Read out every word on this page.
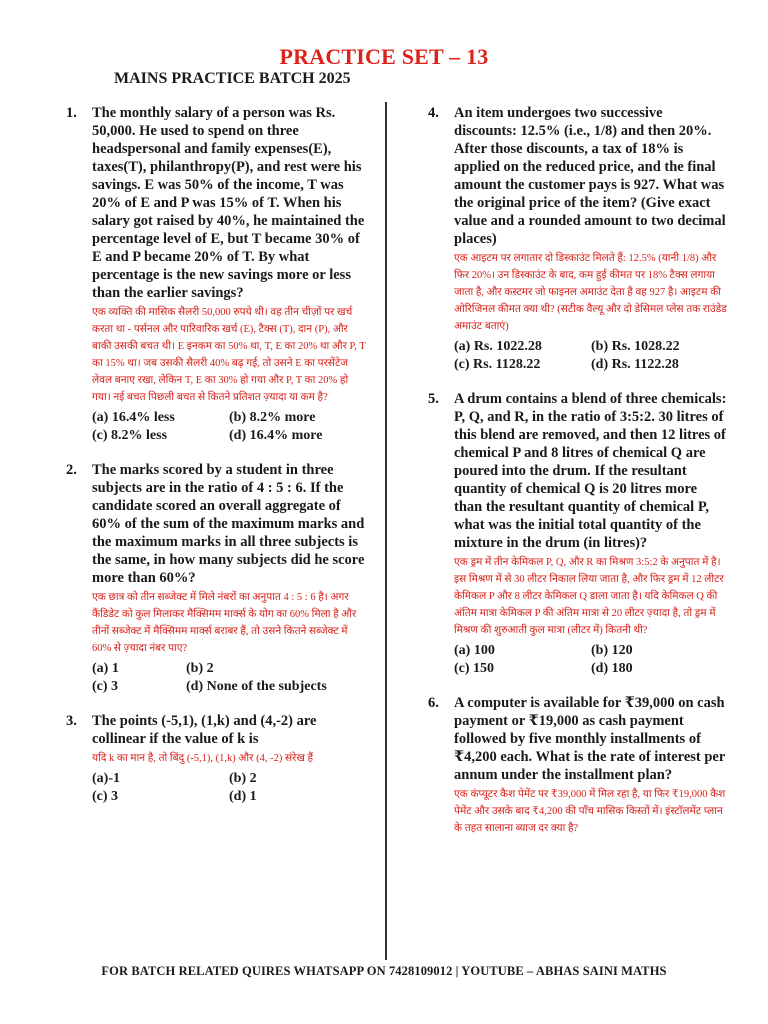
PRACTICE SET – 13
MAINS PRACTICE BATCH 2025
1.	The monthly salary of a person was Rs. 50,000. He used to spend on three headspersonal and family expenses(E), taxes(T), philanthropy(P), and rest were his savings. E was 50% of the income, T was 20% of E and P was 15% of T. When his salary got raised by 40%, he maintained the percentage level of E, but T became 30% of E and P became 20% of T. By what percentage is the new savings more or less than the earlier savings?
एक व्यक्ति की मासिक सैलरी 50,000 रुपये थी। वह तीन चीज़ों पर खर्च करता था - पर्सनल और पारिवारिक खर्च (E), टैक्स (T), दान (P), और बाकी उसकी बचत थी। E इनकम का 50% था, T, E का 20% था और P, T का 15% था। जब उसकी सैलरी 40% बढ़ गई, तो उसने E का परसेंटेज लेवल बनाए रखा, लेकिन T, E का 30% हो गया और P, T का 20% हो गया। नई बचत पिछली बचत से कितने प्रतिशत ज़्यादा या कम है?
(a) 16.4% less	(b) 8.2% more
(c) 8.2% less	(d) 16.4% more
2.	The marks scored by a student in three subjects are in the ratio of 4 : 5 : 6. If the candidate scored an overall aggregate of 60% of the sum of the maximum marks and the maximum marks in all three subjects is the same, in how many subjects did he score more than 60%?
एक छात्र को तीन सब्जेक्ट में मिले नंबरों का अनुपात 4 : 5 : 6 है। अगर कैंडिडेट को कुल मिलाकर मैक्सिमम मार्क्स के योग का 60% मिला है और तीनों सब्जेक्ट में मैक्सिमम मार्क्स बराबर हैं, तो उसने कितने सब्जेक्ट में 60% से ज़्यादा नंबर पाए?
(a) 1	(b) 2
(c) 3	(d) None of the subjects
3.	The points (-5,1), (1,k) and (4,-2) are collinear if the value of k is
यदि k का मान है, तो बिंदु (-5,1), (1,k) और (4, -2) संरेख हैं
(a)-1	(b) 2
(c) 3	(d) 1
4.	An item undergoes two successive discounts: 12.5% (i.e., 1/8) and then 20%. After those discounts, a tax of 18% is applied on the reduced price, and the final amount the customer pays is 927. What was the original price of the item? (Give exact value and a rounded amount to two decimal places)
एक आइटम पर लगातार दो डिस्काउंट मिलते हैं: 12.5% (यानी 1/8) और फिर 20%। उन डिस्काउंट के बाद, कम हुई कीमत पर 18% टैक्स लगाया जाता है, और कस्टमर जो फाइनल अमाउंट देता है वह 927 है। आइटम की ओरिजिनल कीमत क्या थी? (सटीक वैल्यू और दो डेसिमल प्लेस तक राउंडेड अमाउंट बताएं)
(a) Rs. 1022.28	(b) Rs. 1028.22
(c) Rs. 1128.22	(d) Rs. 1122.28
5.	A drum contains a blend of three chemicals: P, Q, and R, in the ratio of 3:5:2. 30 litres of this blend are removed, and then 12 litres of chemical P and 8 litres of chemical Q are poured into the drum. If the resultant quantity of chemical Q is 20 litres more than the resultant quantity of chemical P, what was the initial total quantity of the mixture in the drum (in litres)?
एक ड्रम में तीन केमिकल P, Q, और R का मिश्रण 3:5:2 के अनुपात में है। इस मिश्रण में से 30 लीटर निकाल लिया जाता है, और फिर ड्रम में 12 लीटर केमिकल P और 8 लीटर केमिकल Q डाला जाता है। यदि केमिकल Q की अंतिम मात्रा केमिकल P की अंतिम मात्रा से 20 लीटर ज़्यादा है, तो ड्रम में मिश्रण की शुरुआती कुल मात्रा (लीटर में) कितनी थी?
(a) 100	(b) 120
(c) 150	(d) 180
6.	A computer is available for ₹39,000 on cash payment or ₹19,000 as cash payment followed by five monthly installments of ₹4,200 each. What is the rate of interest per annum under the installment plan?
एक कंप्यूटर कैश पेमेंट पर ₹39,000 में मिल रहा है, या फिर ₹19,000 कैश पेमेंट और उसके बाद ₹4,200 की पाँच मासिक किस्तों में। इंस्टॉलमेंट प्लान के तहत सालाना ब्याज दर क्या है?
FOR BATCH RELATED QUIRES WHATSAPP ON 7428109012 | YOUTUBE – ABHAS SAINI MATHS
